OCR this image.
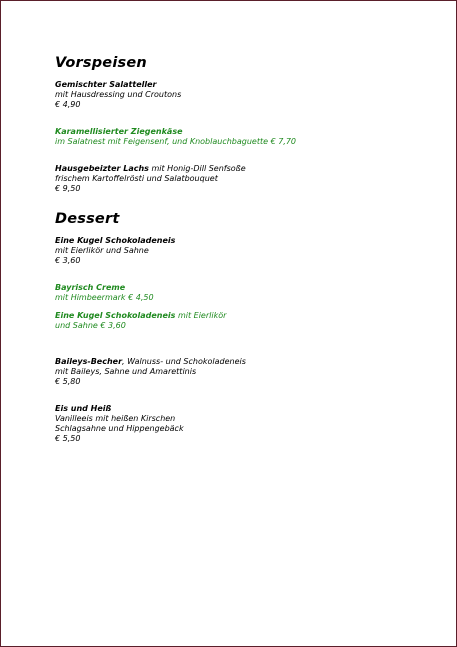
Vorspeisen
Gemischter Salatteller
mit Hausdressing und Croutons
€ 4,90
Karamellisierter Ziegenkäse
im Salatnest mit Feigensenf, und Knoblauchbaguette € 7,70
Hausgebeizter Lachs mit Honig-Dill Senfsoße
frischem Kartoffelrösti und Salatbouquet
€ 9,50
Dessert
Eine Kugel Schokoladeneis
mit Eierlikör und Sahne
€ 3,60
Bayrisch Creme
mit Himbeermark € 4,50
Eine Kugel Schokoladeneis mit Eierlikör
und Sahne € 3,60
Baileys-Becher, Walnuss- und Schokoladeneis
mit Baileys, Sahne und Amarettinis
€ 5,80
Eis und Heiß
Vanilleeis mit heißen Kirschen
Schlagsahne und Hippengebäck
€ 5,50
